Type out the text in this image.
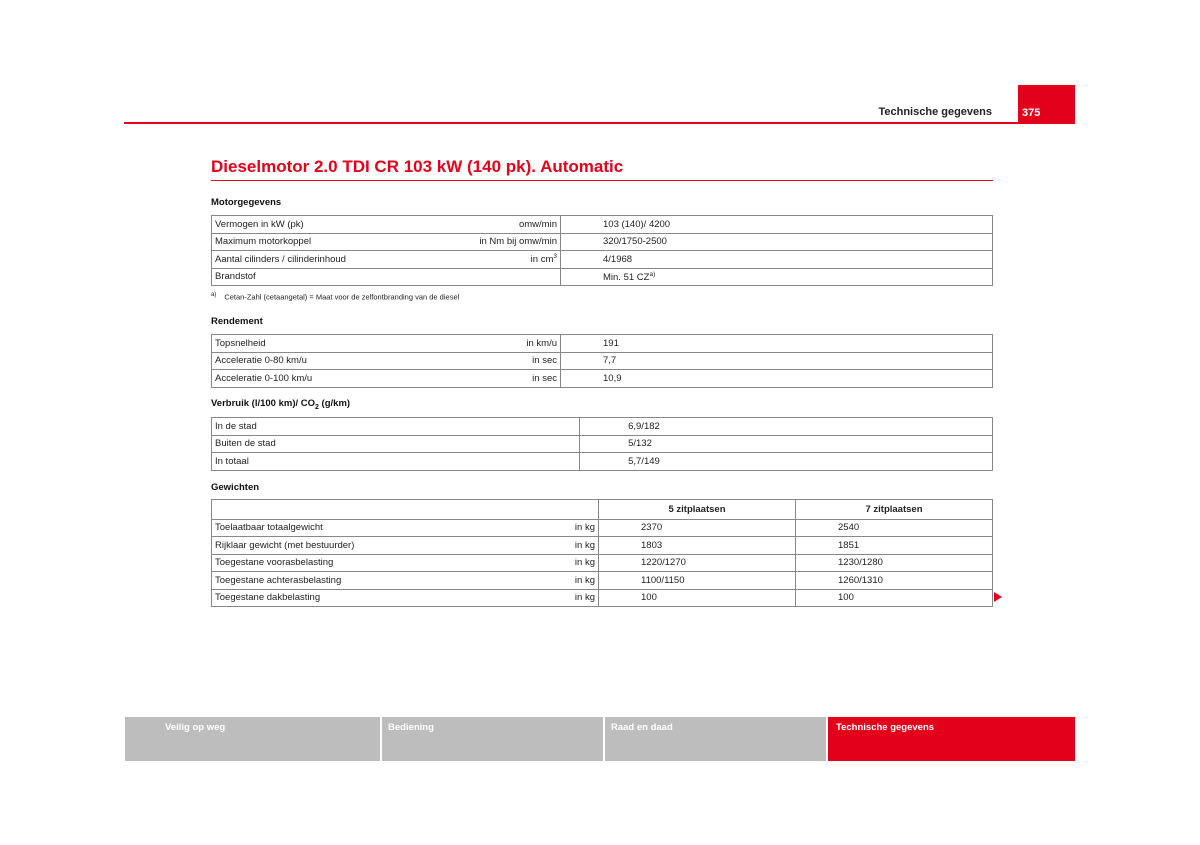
Technische gegevens	375
Dieselmotor 2.0 TDI CR 103 kW (140 pk). Automatic
Motorgegevens
Vermogen in kW (pk)	omw/min	103 (140)/ 4200
Maximum motorkoppel	in Nm bij omw/min	320/1750-2500
Aantal cilinders / cilinderinhoud	in $cm^3$	4/1968
Brandstof		Min. 51 CZ$^{a)}$
$^{a)}$ Cetan-Zahl (cetaangetal) = Maat voor de zelfontbranding van de diesel
Rendement
Topsnelheid	in km/u	191
Acceleratie 0-80 km/u	in sec	7,7
Acceleratie 0-100 km/u	in sec	10,9
Verbruik (l/100 km)/ $CO_2$ (g/km)
In de stad	6,9/182
Buiten de stad	5/132
In totaal	5,7/149
Gewichten
		5 zitplaatsen	7 zitplaatsen
Toelaatbaar totaalgewicht	in kg	2370	2540
Rijklaar gewicht (met bestuurder)	in kg	1803	1851
Toegestane voorasbelasting	in kg	1220/1270	1230/1280
Toegestane achterasbelasting	in kg	1100/1150	1260/1310
Toegestane dakbelasting	in kg	100	100
Veilig op weg	Bediening	Raad en daad	Technische gegevens
